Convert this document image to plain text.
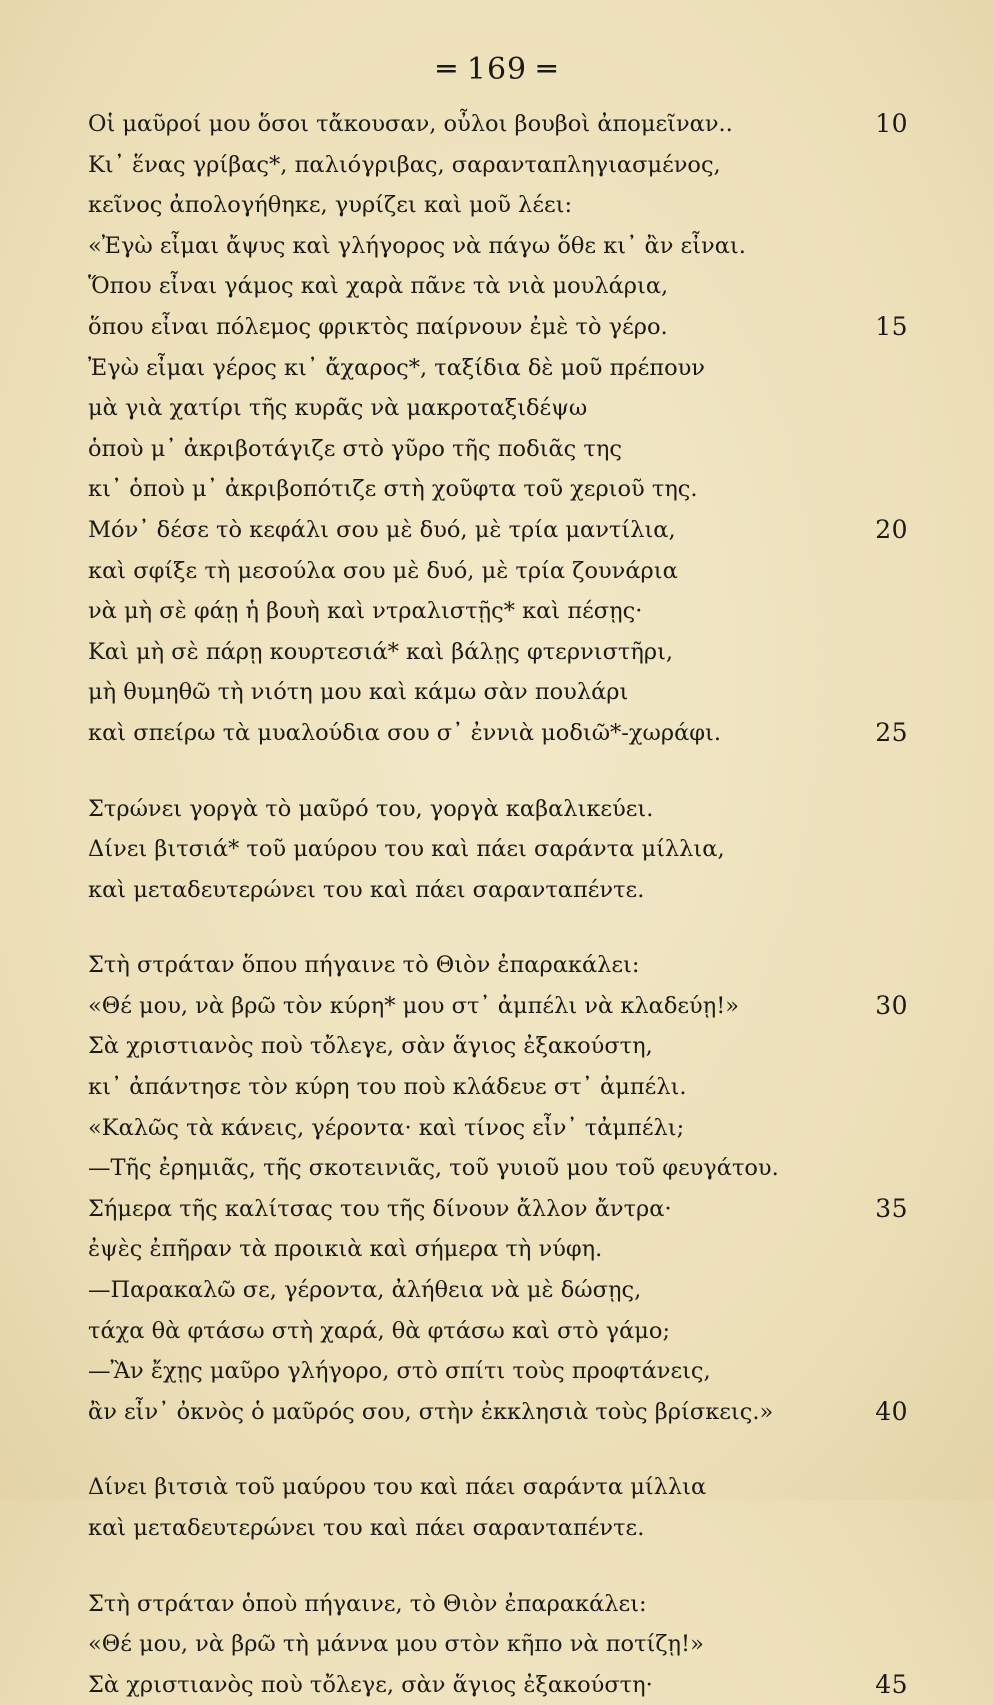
═ 169 ═
Οἱ μαῦροί μου ὅσοι τἄκουσαν, οὖλοι βουβοὶ ἀπομεῖναν..	10
Κι᾽ ἕνας γρίβας*, παλιόγριβας, σαρανταπληγιασμένος,
κεῖνος ἀπολογήθηκε, γυρίζει καὶ μοῦ λέει:
«Ἐγὼ εἶμαι ἄψυς καὶ γλήγορος νὰ πάγω ὅθε κι᾽ ἂν εἶναι.
Ὅπου εἶναι γάμος καὶ χαρὰ πᾶνε τὰ νιὰ μουλάρια,
ὅπου εἶναι πόλεμος φρικτὸς παίρνουν ἐμὲ τὸ γέρο.	15
Ἐγὼ εἶμαι γέρος κι᾽ ἄχαρος*, ταξίδια δὲ μοῦ πρέπουν
μὰ γιὰ χατίρι τῆς κυρᾶς νὰ μακροταξιδέψω
ὁποὺ μ᾽ ἀκριβοτάγιζε στὸ γῦρο τῆς ποδιᾶς της
κι᾽ ὁποὺ μ᾽ ἀκριβοπότιζε στὴ χοῦφτα τοῦ χεριοῦ της.
Μόν᾽ δέσε τὸ κεφάλι σου μὲ δυό, μὲ τρία μαντίλια,	20
καὶ σφίξε τὴ μεσούλα σου μὲ δυό, μὲ τρία ζουνάρια
νὰ μὴ σὲ φάῃ ἡ βουὴ καὶ ντραλιστῇς* καὶ πέσῃς·
Καὶ μὴ σὲ πάρῃ κουρτεσιά* καὶ βάλῃς φτερνιστῆρι,
μὴ θυμηθῶ τὴ νιότη μου καὶ κάμω σὰν πουλάρι
καὶ σπείρω τὰ μυαλούδια σου σ᾽ ἐννιὰ μοδιῶ*-χωράφι.	25
Στρώνει γοργὰ τὸ μαῦρό του, γοργὰ καβαλικεύει.
Δίνει βιτσιά* τοῦ μαύρου του καὶ πάει σαράντα μίλλια,
καὶ μεταδευτερώνει του καὶ πάει σαρανταπέντε.
Στὴ στράταν ὅπου πήγαινε τὸ Θιὸν ἐπαρακάλει:
«Θέ μου, νὰ βρῶ τὸν κύρη* μου στ᾽ ἀμπέλι νὰ κλαδεύῃ!»	30
Σὰ χριστιανὸς ποὺ τὄλεγε, σὰν ἅγιος ἐξακούστη,
κι᾽ ἀπάντησε τὸν κύρη του ποὺ κλάδευε στ᾽ ἀμπέλι.
«Καλῶς τὰ κάνεις, γέροντα· καὶ τίνος εἶν᾽ τἀμπέλι;
—Τῆς ἐρημιᾶς, τῆς σκοτεινιᾶς, τοῦ γυιοῦ μου τοῦ φευγάτου.
Σήμερα τῆς καλίτσας του τῆς δίνουν ἄλλον ἄντρα·	35
ἐψὲς ἐπῆραν τὰ προικιὰ καὶ σήμερα τὴ νύφη.
—Παρακαλῶ σε, γέροντα, ἀλήθεια νὰ μὲ δώσῃς,
τάχα θὰ φτάσω στὴ χαρά, θὰ φτάσω καὶ στὸ γάμο;
—Ἂν ἔχῃς μαῦρο γλήγορο, στὸ σπίτι τοὺς προφτάνεις,
ἂν εἶν᾽ ὀκνὸς ὁ μαῦρός σου, στὴν ἐκκλησιὰ τοὺς βρίσκεις.»	40
Δίνει βιτσιὰ τοῦ μαύρου του καὶ πάει σαράντα μίλλια
καὶ μεταδευτερώνει του καὶ πάει σαρανταπέντε.
Στὴ στράταν ὁποὺ πήγαινε, τὸ Θιὸν ἐπαρακάλει:
«Θέ μου, νὰ βρῶ τὴ μάννα μου στὸν κῆπο νὰ ποτίζῃ!»
Σὰ χριστιανὸς ποὺ τὄλεγε, σὰν ἅγιος ἐξακούστη·	45
